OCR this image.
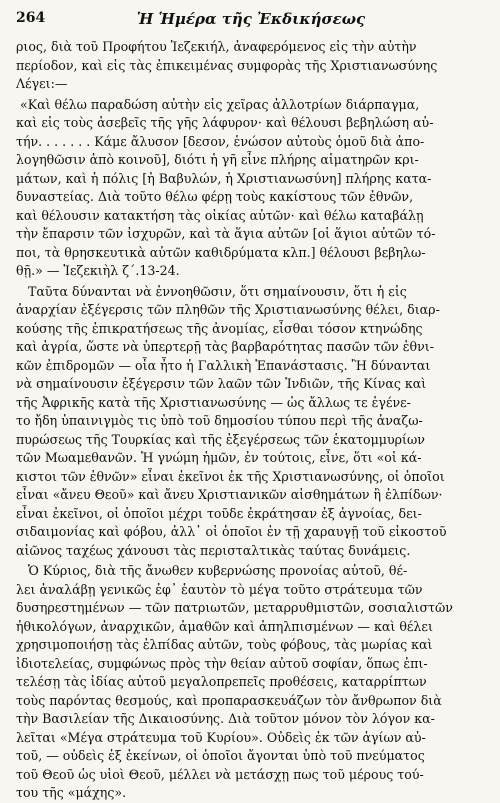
264	Ἡ Ἡμέρα τῆς Ἐκδικήσεως
ριος, διὰ τοῦ Προφήτου Ἰεζεκιήλ, ἀναφερόμενος εἰς τὴν αὐτὴν
περίοδον, καὶ εἰς τὰς ἐπικειμένας συμφορὰς τῆς Χριστιανωσύνης
Λέγει:—
«Καὶ θέλω παραδώση αὐτὴν εἰς χεῖρας ἀλλοτρίων διάρπαγμα,
καὶ εἰς τοὺς ἀσεβεῖς τῆς γῆς λάφυρον· καὶ θέλουσι βεβηλώση αὐ-
τήν. . . . . . . Κάμε ἄλυσον [δεσον, ἑνώσον αὐτοὺς ὁμοῦ διὰ ἀπο-
λογηθῶσιν ἀπὸ κοινοῦ], διότι ἡ γῆ εἶνε πλήρης αἱματηρῶν κρι-
μάτων, καὶ ἡ πόλις [ἡ Βαβυλών, ἡ Χριστιανωσύνη] πλήρης κατα-
δυναστείας. Διὰ τοῦτο θέλω φέρῃ τοὺς κακίστους τῶν ἐθνῶν,
καὶ θέλουσιν κατακτήση τὰς οἰκίας αὐτῶν· καὶ θέλω καταβάλῃ
τὴν ἔπαρσιν τῶν ἰσχυρῶν, καὶ τὰ ἅγια αὐτῶν [οἱ ἅγιοι αὐτῶν τό-
ποι, τὰ θρησκευτικὰ αὐτῶν καθιδρύματα κλπ.] θέλουσι βεβηλω-
θῇ.» — Ἰεζεκιὴλ ζ΄.13-24.
Ταῦτα δύνανται νὰ ἐννοηθῶσιν, ὅτι σημαίνουσιν, ὅτι ἡ εἰς
ἀναρχίαν ἐξέγερσις τῶν πληθῶν τῆς Χριστιανωσύνης θέλει, διαρ-
κούσης τῆς ἐπικρατήσεως τῆς ἀνομίας, εἶσθαι τόσον κτηνώδης
καὶ ἀγρία, ὥστε νὰ ὑπερτερῇ τὰς βαρβαρότητας πασῶν τῶν ἐθνι-
κῶν ἐπιδρομῶν — οἷα ἦτο ἡ Γαλλικὴ Ἐπανάστασις. Ἢ δύνανται
νὰ σημαίνουσιν ἐξέγερσιν τῶν λαῶν τῶν Ἰνδιῶν, τῆς Κίνας καὶ
τῆς Ἀφρικῆς κατὰ τῆς Χριστιανωσύνης — ὡς ἄλλως τε ἐγένε-
το ἤδη ὑπαινιγμὸς τις ὑπὸ τοῦ δημοσίου τύπου περὶ τῆς ἀναζω-
πυρώσεως τῆς Τουρκίας καὶ τῆς ἐξεγέρσεως τῶν ἑκατομμυρίων
τῶν Μωαμεθανῶν. Ἡ γνώμη ἡμῶν, ἐν τούτοις, εἶνε, ὅτι «οἱ κά-
κιστοι τῶν ἐθνῶν» εἶναι ἐκεῖνοι ἐκ τῆς Χριστιανωσύνης, οἱ ὁποῖοι
εἶναι «ἄνευ Θεοῦ» καὶ ἄνευ Χριστιανικῶν αἰσθημάτων ἢ ἐλπίδων·
εἶναι ἐκεῖνοι, οἱ ὁποῖοι μέχρι τοῦδε ἐκράτησαν ἐξ ἀγνοίας, δει-
σιδαιμονίας καὶ φόβου, ἀλλ᾿ οἱ ὁποῖοι ἐν τῇ χαραυγῇ τοῦ εἰκοστοῦ
αἰῶνος ταχέως χάνουσι τὰς περισταλτικὰς ταύτας δυνάμεις.
Ὁ Κύριος, διὰ τῆς ἄνωθεν κυβερνώσης προνοίας αὐτοῦ, θέ-
λει ἀναλάβῃ γενικῶς ἐφ᾿ ἑαυτὸν τὸ μέγα τοῦτο στράτευμα τῶν
δυσηρεστημένων — τῶν πατριωτῶν, μεταρρυθμιστῶν, σοσιαλιστῶν
ἠθικολόγων, ἀναρχικῶν, ἀμαθῶν καὶ ἀπηλπισμένων — καὶ θέλει
χρησιμοποιήσῃ τὰς ἐλπίδας αὐτῶν, τοὺς φόβους, τὰς μωρίας καὶ
ἰδιοτελείας, συμφώνως πρὸς τὴν θείαν αὐτοῦ σοφίαν, ὅπως ἐπι-
τελέσῃ τὰς ἰδίας αὐτοῦ μεγαλοπρεπεῖς προθέσεις, καταρρίπτων
τοὺς παρόντας θεσμούς, καὶ προπαρασκευάζων τὸν ἄνθρωπον διὰ
τὴν Βασιλείαν τῆς Δικαιοσύνης. Διὰ τοῦτον μόνον τὸν λόγον κα-
λεῖται «Μέγα στράτευμα τοῦ Κυρίου». Οὐδεὶς ἐκ τῶν ἁγίων αὐ-
τοῦ, — οὐδεὶς ἐξ ἐκείνων, οἱ ὁποῖοι ἄγονται ὑπὸ τοῦ πνεύματος
τοῦ Θεοῦ ὡς υἱοὶ Θεοῦ, μέλλει νὰ μετάσχῃ πως τοῦ μέρους τού-
του τῆς «μάχης».
